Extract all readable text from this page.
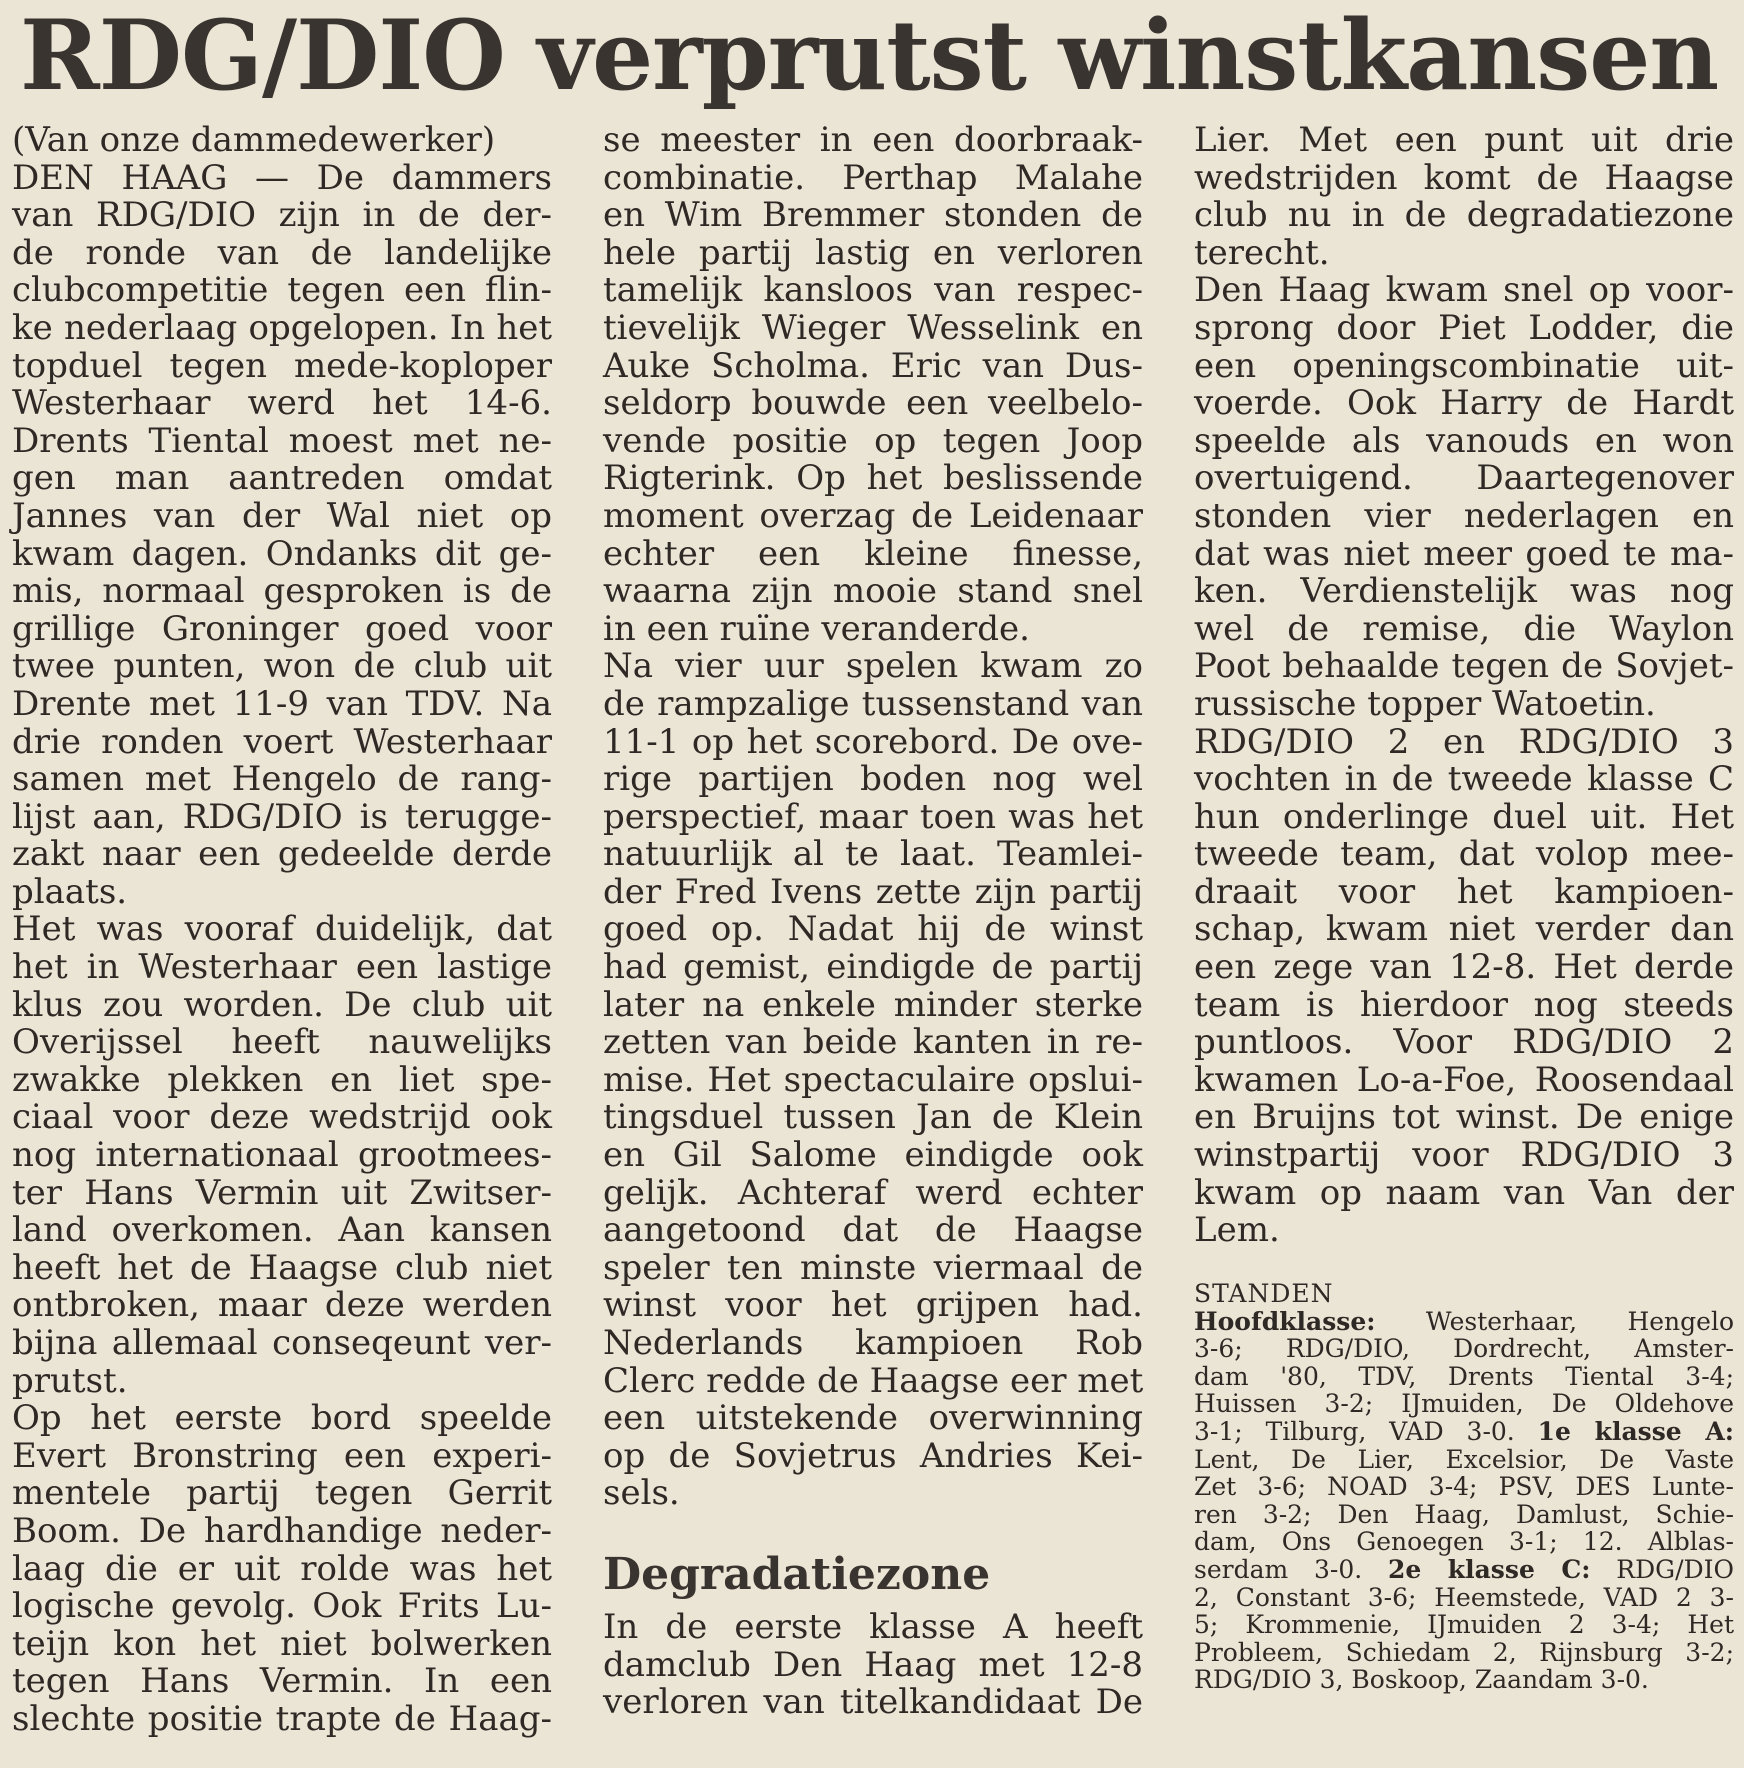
RDG/DIO verprutst winstkansen
(Van onze dammedewerker)
DEN HAAG — De dammers
van RDG/DIO zijn in de der-
de ronde van de landelijke
clubcompetitie tegen een flin-
ke nederlaag opgelopen. In het
topduel tegen mede-koploper
Westerhaar werd het 14-6.
Drents Tiental moest met ne-
gen man aantreden omdat
Jannes van der Wal niet op
kwam dagen. Ondanks dit ge-
mis, normaal gesproken is de
grillige Groninger goed voor
twee punten, won de club uit
Drente met 11-9 van TDV. Na
drie ronden voert Westerhaar
samen met Hengelo de rang-
lijst aan, RDG/DIO is terugge-
zakt naar een gedeelde derde
plaats.
Het was vooraf duidelijk, dat
het in Westerhaar een lastige
klus zou worden. De club uit
Overijssel heeft nauwelijks
zwakke plekken en liet spe-
ciaal voor deze wedstrijd ook
nog internationaal grootmees-
ter Hans Vermin uit Zwitser-
land overkomen. Aan kansen
heeft het de Haagse club niet
ontbroken, maar deze werden
bijna allemaal conseqeunt ver-
prutst.
Op het eerste bord speelde
Evert Bronstring een experi-
mentele partij tegen Gerrit
Boom. De hardhandige neder-
laag die er uit rolde was het
logische gevolg. Ook Frits Lu-
teijn kon het niet bolwerken
tegen Hans Vermin. In een
slechte positie trapte de Haag-
se meester in een doorbraak-
combinatie. Perthap Malahe
en Wim Bremmer stonden de
hele partij lastig en verloren
tamelijk kansloos van respec-
tievelijk Wieger Wesselink en
Auke Scholma. Eric van Dus-
seldorp bouwde een veelbelo-
vende positie op tegen Joop
Rigterink. Op het beslissende
moment overzag de Leidenaar
echter een kleine finesse,
waarna zijn mooie stand snel
in een ruïne veranderde.
Na vier uur spelen kwam zo
de rampzalige tussenstand van
11-1 op het scorebord. De ove-
rige partijen boden nog wel
perspectief, maar toen was het
natuurlijk al te laat. Teamlei-
der Fred Ivens zette zijn partij
goed op. Nadat hij de winst
had gemist, eindigde de partij
later na enkele minder sterke
zetten van beide kanten in re-
mise. Het spectaculaire opslui-
tingsduel tussen Jan de Klein
en Gil Salome eindigde ook
gelijk. Achteraf werd echter
aangetoond dat de Haagse
speler ten minste viermaal de
winst voor het grijpen had.
Nederlands kampioen Rob
Clerc redde de Haagse eer met
een uitstekende overwinning
op de Sovjetrus Andries Kei-
sels.
Degradatiezone
In de eerste klasse A heeft
damclub Den Haag met 12-8
verloren van titelkandidaat De
Lier. Met een punt uit drie
wedstrijden komt de Haagse
club nu in de degradatiezone
terecht.
Den Haag kwam snel op voor-
sprong door Piet Lodder, die
een openingscombinatie uit-
voerde. Ook Harry de Hardt
speelde als vanouds en won
overtuigend. Daartegenover
stonden vier nederlagen en
dat was niet meer goed te ma-
ken. Verdienstelijk was nog
wel de remise, die Waylon
Poot behaalde tegen de Sovjet-
russische topper Watoetin.
RDG/DIO 2 en RDG/DIO 3
vochten in de tweede klasse C
hun onderlinge duel uit. Het
tweede team, dat volop mee-
draait voor het kampioen-
schap, kwam niet verder dan
een zege van 12-8. Het derde
team is hierdoor nog steeds
puntloos. Voor RDG/DIO 2
kwamen Lo-a-Foe, Roosendaal
en Bruijns tot winst. De enige
winstpartij voor RDG/DIO 3
kwam op naam van Van der
Lem.
STANDEN
Hoofdklasse: Westerhaar, Hengelo
3-6; RDG/DIO, Dordrecht, Amster-
dam '80, TDV, Drents Tiental 3-4;
Huissen 3-2; IJmuiden, De Oldehove
3-1; Tilburg, VAD 3-0. 1e klasse A:
Lent, De Lier, Excelsior, De Vaste
Zet 3-6; NOAD 3-4; PSV, DES Lunte-
ren 3-2; Den Haag, Damlust, Schie-
dam, Ons Genoegen 3-1; 12. Alblas-
serdam 3-0. 2e klasse C: RDG/DIO
2, Constant 3-6; Heemstede, VAD 2 3-
5; Krommenie, IJmuiden 2 3-4; Het
Probleem, Schiedam 2, Rijnsburg 3-2;
RDG/DIO 3, Boskoop, Zaandam 3-0.
